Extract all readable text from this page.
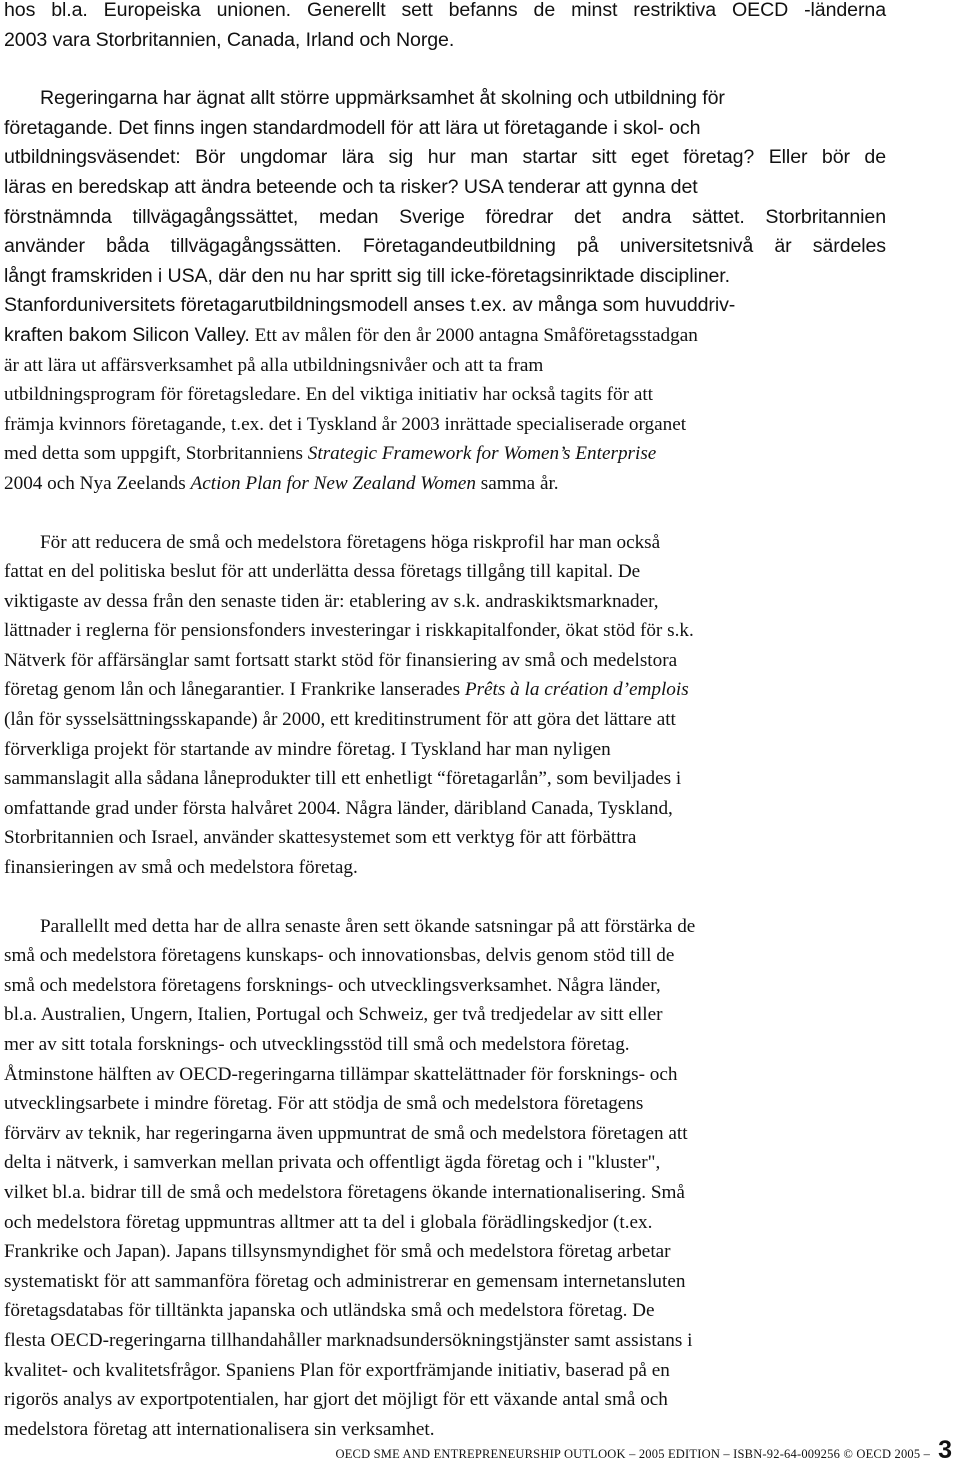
hos bl.a. Europeiska unionen. Generellt sett befanns de minst restriktiva OECD -länderna
2003 vara Storbritannien, Canada, Irland och Norge.

Regeringarna har ägnat allt större uppmärksamhet åt skolning och utbildning för
företagande. Det finns ingen standardmodell för att lära ut företagande i skol- och
utbildningsväsendet: Bör ungdomar lära sig hur man startar sitt eget företag? Eller bör de
läras en beredskap att ändra beteende och ta risker? USA tenderar att gynna det
förstnämnda tillvägagångssättet, medan Sverige föredrar det andra sättet. Storbritannien
använder båda tillvägagångssätten. Företagandeutbildning på universitetsnivå är särdeles
långt framskriden i USA, där den nu har spritt sig till icke-företagsinriktade discipliner.
Stanforduniversitets företagarutbildningsmodell anses t.ex. av många som huvuddriv-
kraften bakom Silicon Valley. Ett av målen för den år 2000 antagna Småföretagsstadgan
är att lära ut affärsverksamhet på alla utbildningsnivåer och att ta fram
utbildningsprogram för företagsledare. En del viktiga initiativ har också tagits för att
främja kvinnors företagande, t.ex. det i Tyskland år 2003 inrättade specialiserade organet
med detta som uppgift, Storbritanniens Strategic Framework for Women’s Enterprise
2004 och Nya Zeelands Action Plan for New Zealand Women samma år.

För att reducera de små och medelstora företagens höga riskprofil har man också
fattat en del politiska beslut för att underlätta dessa företags tillgång till kapital. De
viktigaste av dessa från den senaste tiden är: etablering av s.k. andraskiktsmarknader,
lättnader i reglerna för pensionsfonders investeringar i riskkapitalfonder, ökat stöd för s.k.
Nätverk för affärsänglar samt fortsatt starkt stöd för finansiering av små och medelstora
företag genom lån och lånegarantier. I Frankrike lanserades Prêts à la création d’emplois
(lån för sysselsättningsskapande) år 2000, ett kreditinstrument för att göra det lättare att
förverkliga projekt för startande av mindre företag. I Tyskland har man nyligen
sammanslagit alla sådana låneprodukter till ett enhetligt “företagarlån”, som beviljades i
omfattande grad under första halvåret 2004. Några länder, däribland Canada, Tyskland,
Storbritannien och Israel, använder skattesystemet som ett verktyg för att förbättra
finansieringen av små och medelstora företag.

Parallellt med detta har de allra senaste åren sett ökande satsningar på att förstärka de
små och medelstora företagens kunskaps- och innovationsbas, delvis genom stöd till de
små och medelstora företagens forsknings- och utvecklingsverksamhet. Några länder,
bl.a. Australien, Ungern, Italien, Portugal och Schweiz, ger två tredjedelar av sitt eller
mer av sitt totala forsknings- och utvecklingsstöd till små och medelstora företag.
Åtminstone hälften av OECD-regeringarna tillämpar skattelättnader för forsknings- och
utvecklingsarbete i mindre företag. För att stödja de små och medelstora företagens
förvärv av teknik, har regeringarna även uppmuntrat de små och medelstora företagen att
delta i nätverk, i samverkan mellan privata och offentligt ägda företag och i "kluster",
vilket bl.a. bidrar till de små och medelstora företagens ökande internationalisering. Små
och medelstora företag uppmuntras alltmer att ta del i globala förädlingskedjor (t.ex.
Frankrike och Japan). Japans tillsynsmyndighet för små och medelstora företag arbetar
systematiskt för att sammanföra företag och administrerar en gemensam internetansluten
företagsdatabas för tilltänkta japanska och utländska små och medelstora företag. De
flesta OECD-regeringarna tillhandahåller marknadsundersökningstjänster samt assistans i
kvalitet- och kvalitetsfrågor. Spaniens Plan för exportfrämjande initiativ, baserad på en
rigorös analys av exportpotentialen, har gjort det möjligt för ett växande antal små och
medelstora företag att internationalisera sin verksamhet.

OECD SME AND ENTREPRENEURSHIP OUTLOOK – 2005 EDITION – ISBN-92-64-009256 © OECD 2005 – 3
